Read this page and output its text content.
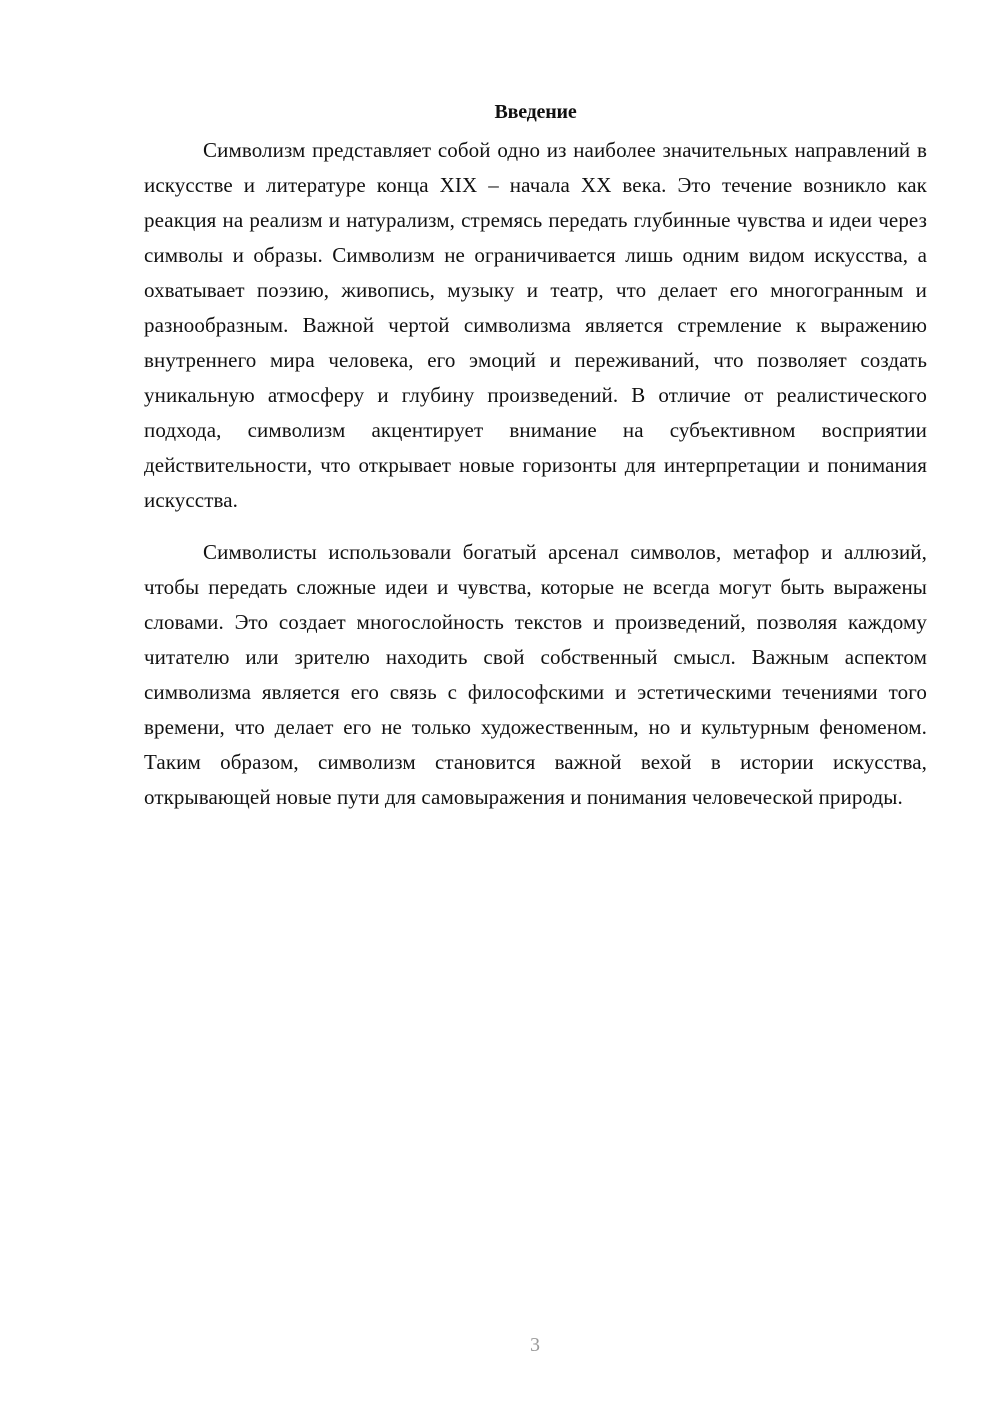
Введение

Символизм представляет собой одно из наиболее значительных направлений в искусстве и литературе конца XIX – начала XX века. Это течение возникло как реакция на реализм и натурализм, стремясь передать глубинные чувства и идеи через символы и образы. Символизм не ограничивается лишь одним видом искусства, а охватывает поэзию, живопись, музыку и театр, что делает его многогранным и разнообразным. Важной чертой символизма является стремление к выражению внутреннего мира человека, его эмоций и переживаний, что позволяет создать уникальную атмосферу и глубину произведений. В отличие от реалистического подхода, символизм акцентирует внимание на субъективном восприятии действительности, что открывает новые горизонты для интерпретации и понимания искусства.

Символисты использовали богатый арсенал символов, метафор и аллюзий, чтобы передать сложные идеи и чувства, которые не всегда могут быть выражены словами. Это создает многослойность текстов и произведений, позволяя каждому читателю или зрителю находить свой собственный смысл. Важным аспектом символизма является его связь с философскими и эстетическими течениями того времени, что делает его не только художественным, но и культурным феноменом. Таким образом, символизм становится важной вехой в истории искусства, открывающей новые пути для самовыражения и понимания человеческой природы.

3
